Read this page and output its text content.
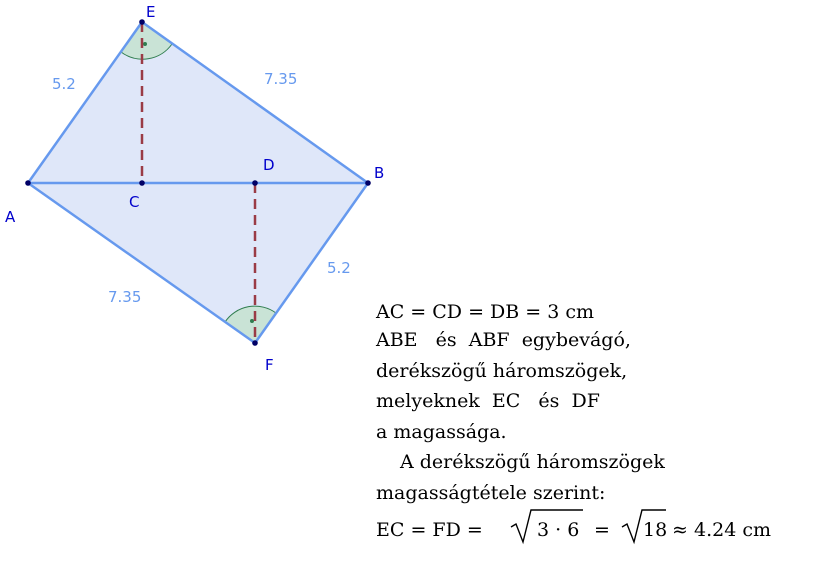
A
B
C
D
E
F
5.2	7.35
7.35
5.2
AC = CD = DB = 3 cm
ABE   és  ABF  egybevágó,
derékszögű háromszögek,
melyeknek  EC   és  DF
a magassága.
A derékszögű háromszögek
magasságtétele szerint:
EC = FD =	3 · 6 = 18
≈ 4.24 cm
